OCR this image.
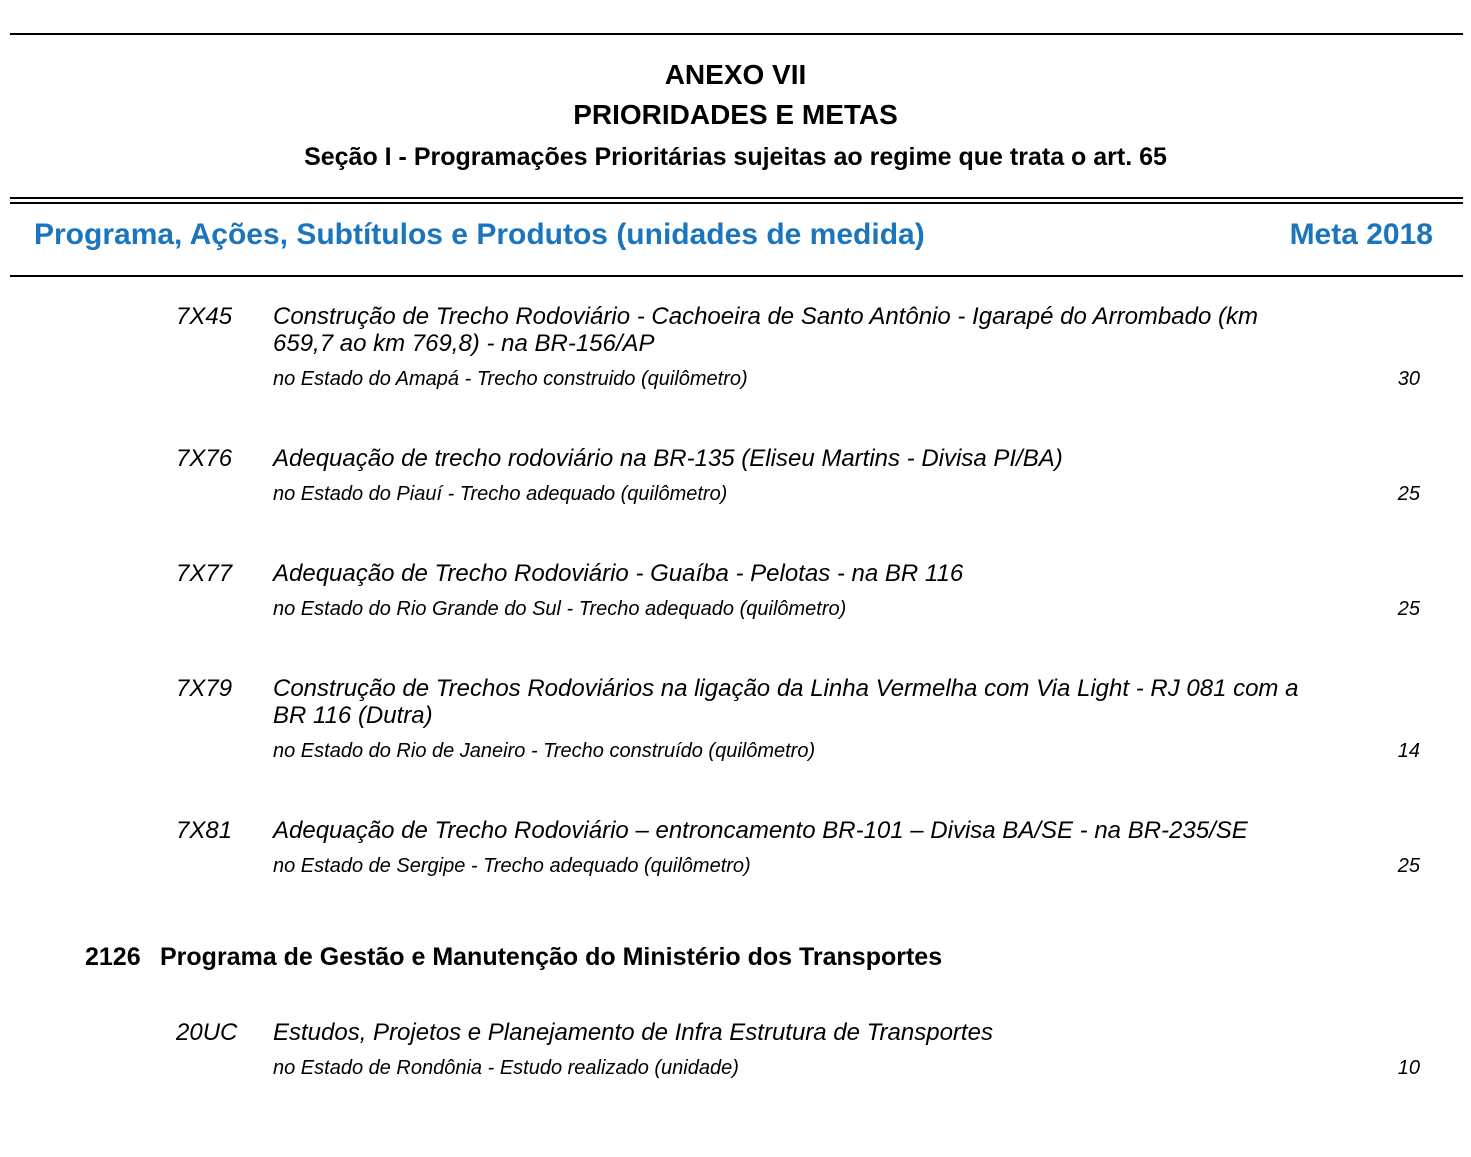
ANEXO VII
PRIORIDADES E METAS
Seção I - Programações Prioritárias sujeitas ao regime que trata o art. 65
Programa, Ações, Subtítulos e Produtos (unidades de medida)	Meta 2018
7X45	Construção de Trecho Rodoviário - Cachoeira de Santo Antônio - Igarapé do Arrombado (km 659,7 ao km 769,8) - na BR-156/AP
no Estado do Amapá - Trecho construido (quilômetro)	30
7X76	Adequação de trecho rodoviário na BR-135 (Eliseu Martins - Divisa PI/BA)
no Estado do Piauí - Trecho adequado (quilômetro)	25
7X77	Adequação de Trecho Rodoviário - Guaíba - Pelotas - na BR 116
no Estado do Rio Grande do Sul - Trecho adequado (quilômetro)	25
7X79	Construção de Trechos Rodoviários na ligação da Linha Vermelha com Via Light - RJ 081 com a BR 116 (Dutra)
no Estado do Rio de Janeiro - Trecho construído (quilômetro)	14
7X81	Adequação de Trecho Rodoviário – entroncamento BR-101 – Divisa BA/SE - na BR-235/SE
no Estado de Sergipe - Trecho adequado (quilômetro)	25
2126 Programa de Gestão e Manutenção do Ministério dos Transportes
20UC	Estudos, Projetos e Planejamento de Infra Estrutura de Transportes
no Estado de Rondônia - Estudo realizado (unidade)	10
